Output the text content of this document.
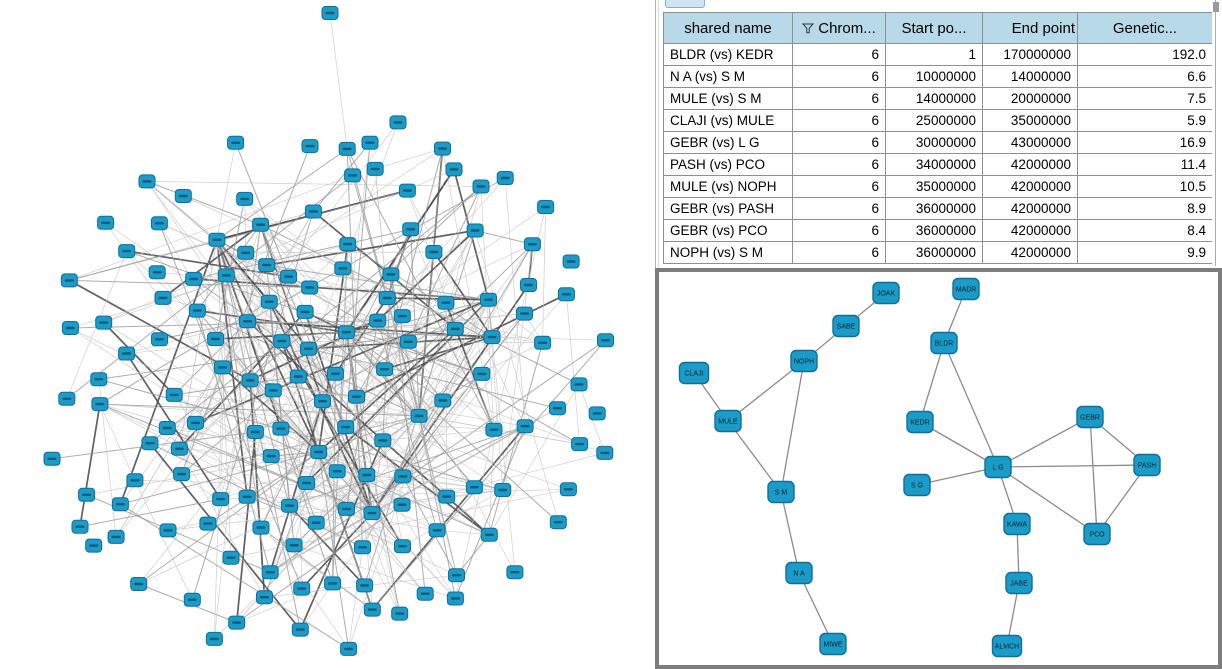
shared name	Chrom...	Start po...	End point	Genetic...
BLDR (vs) KEDR	6	1	170000000	192.0
N A (vs) S M	6	10000000	14000000	6.6
MULE (vs) S M	6	14000000	20000000	7.5
CLAJI (vs) MULE	6	25000000	35000000	5.9
GEBR (vs) L G	6	30000000	43000000	16.9
PASH (vs) PCO	6	34000000	42000000	11.4
MULE (vs) NOPH	6	35000000	42000000	10.5
GEBR (vs) PASH	6	36000000	42000000	8.9
GEBR (vs) PCO	6	36000000	42000000	8.4
NOPH (vs) S M	6	36000000	42000000	9.9
JOAK
MADR
SABE
BLDR
NOPH
CLAJI
MULE	KEDR
GEBR
L G	PASH
S G
S M
KAWA
PCO
N A
JABE
MIWE	ALMCH
